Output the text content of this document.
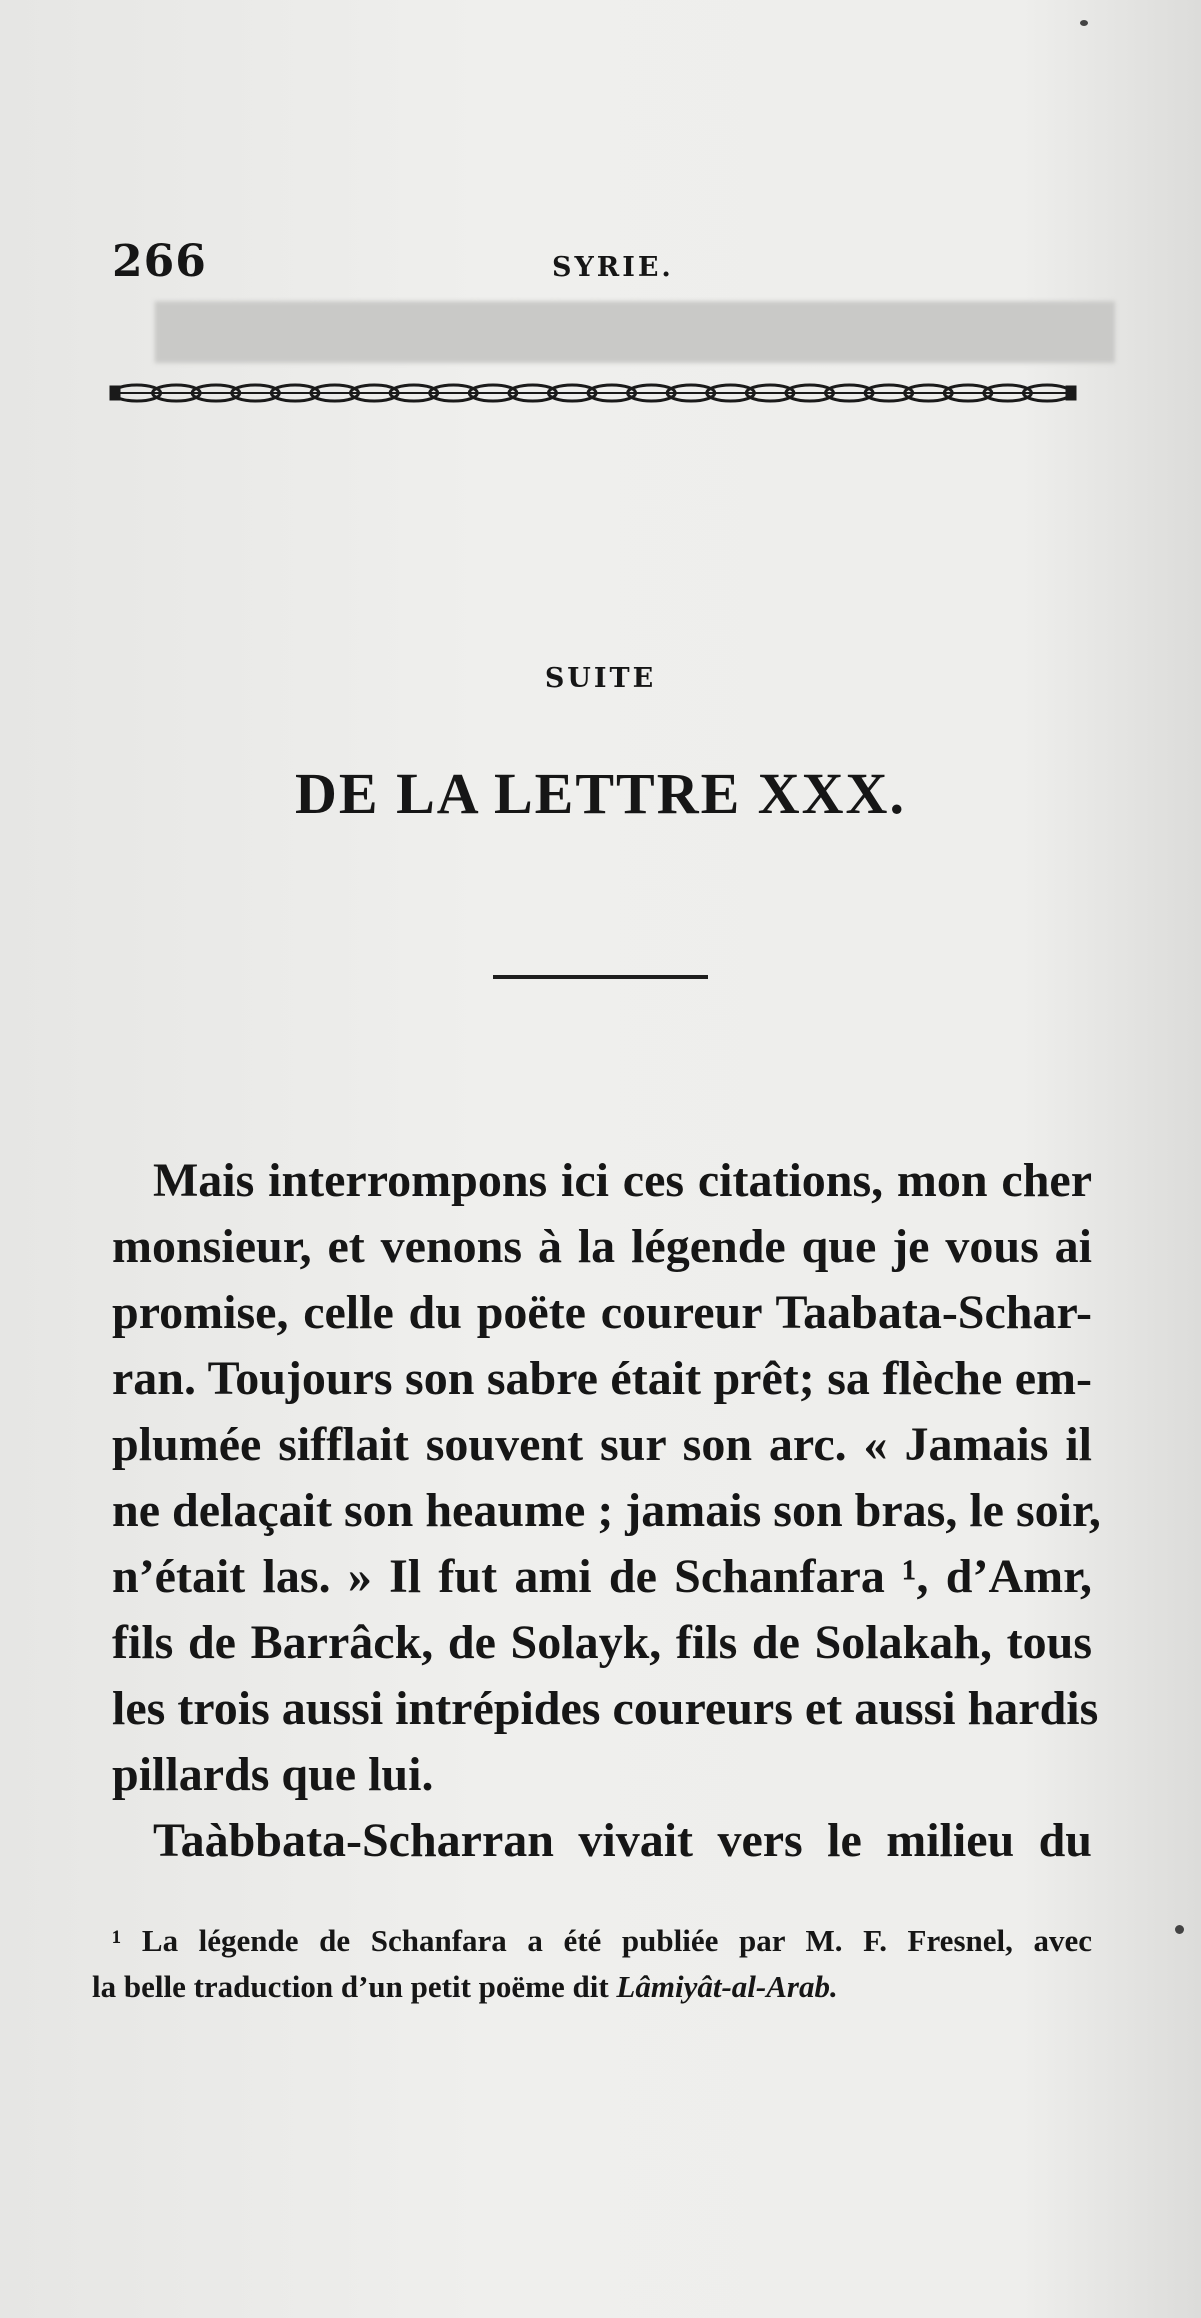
████████████████████████
266	SYRIE.
SUITE
DE LA LETTRE XXX.
Mais interrompons ici ces citations, mon cher
monsieur, et venons à la légende que je vous ai
promise, celle du poëte coureur Taabata-Schar-
ran. Toujours son sabre était prêt; sa flèche em-
plumée sifflait souvent sur son arc. « Jamais il
ne delaçait son heaume ; jamais son bras, le soir,
n’était las. » Il fut ami de Schanfara ¹, d’Amr,
fils de Barrâck, de Solayk, fils de Solakah, tous
les trois aussi intrépides coureurs et aussi hardis
pillards que lui.
Taàbbata-Scharran vivait vers le milieu du
¹ La légende de Schanfara a été publiée par M. F. Fresnel, avec
la belle traduction d’un petit poëme dit Lâmiyât-al-Arab.
